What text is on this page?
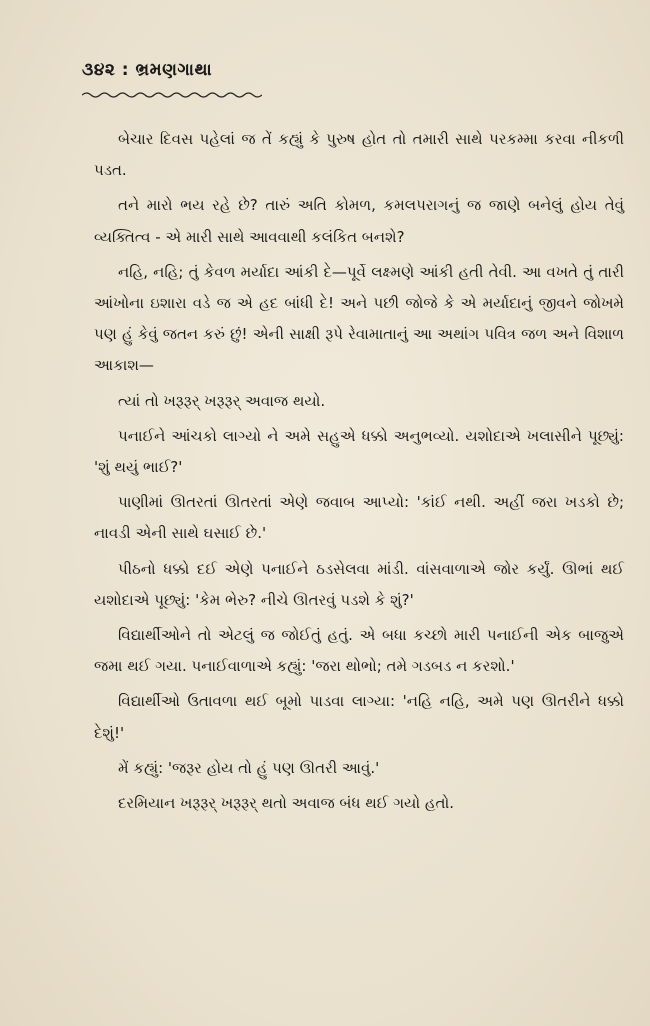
૩૪૨ : ભ્રમણગાથા

બેચાર દિવસ પહેલાં જ તેં કહ્યું કે પુરુષ હોત તો તમારી સાથે પરકમ્મા કરવા નીકળી પડત.

તને મારો ભય રહે છે? તારું અતિ કોમળ, કમલપરાગનું જ જાણે બનેલું હોય તેવું વ્યક્તિત્વ - એ મારી સાથે આવવાથી કલંકિત બનશે?

નહિ, નહિ; તું કેવળ મર્યાદા આંકી દે—પૂર્વે લક્ષ્મણે આંકી હતી તેવી. આ વખતે તું તારી આંખોના ઇશારા વડે જ એ હદ બાંધી દે! અને પછી જોજે કે એ મર્યાદાનું જીવને જોખમે પણ હું કેવું જતન કરું છું! એની સાક્ષી રૂપે રેવામાતાનું આ અથાંગ પવિત્ર જળ અને વિશાળ આકાશ—

ત્યાં તો ખરૂરૂર્ ખરૂરૂર્ અવાજ થયો.

પનાઈને આંચકો લાગ્યો ને અમે સહુએ ધક્કો અનુભવ્યો. યશોદાએ ખલાસીને પૂછ્યું: 'શું થયું ભાઈ?'

પાણીમાં ઊતરતાં ઊતરતાં એણે જવાબ આપ્યો: 'કાંઈ નથી. અહીં જરા ખડકો છે; નાવડી એની સાથે ઘસાઈ છે.'

પીઠનો ધક્કો દઈ એણે પનાઈને ઠડસેલવા માંડી. વાંસવાળાએ જોર કર્યું. ઊભાં થઈ યશોદાએ પૂછ્યું: 'કેમ ભેરુ? નીચે ઊતરવું પડશે કે શું?'

વિદ્યાર્થીઓને તો એટલું જ જોઈતું હતું. એ બધા કચ્છો મારી પનાઈની એક બાજુએ જમા થઈ ગયા. પનાઈવાળાએ કહ્યું: 'જરા થોભો; તમે ગડબડ ન કરશો.'

વિદ્યાર્થીઓ ઉતાવળા થઈ બૂમો પાડવા લાગ્યા: 'નહિ નહિ, અમે પણ ઊતરીને ધક્કો દેશું!'

મેં કહ્યું: 'જરૂર હોય તો હું પણ ઊતરી આવું.'

દરમિયાન ખરૂરૂર્ ખરૂરૂર્ થતો અવાજ બંધ થઈ ગયો હતો.
